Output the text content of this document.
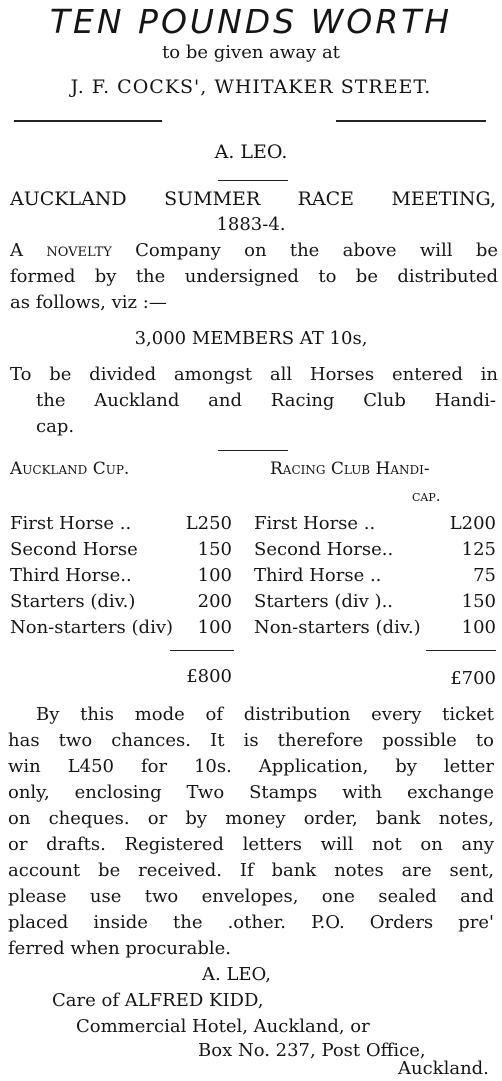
TEN POUNDS WORTH
to be given away at
J. F. COCKS', WHITAKER STREET.
A. LEO.
AUCKLAND SUMMER RACE MEETING,
1883-4.
A novelty Company on the above will be
formed by the undersigned to be distributed
as follows, viz :—
3,000 MEMBERS AT 10s,
To be divided amongst all Horses entered in
the Auckland and Racing Club Handi-
cap.
Auckland Cup.	Racing Club Handi-
cap.
First Horse ..	L250
Second Horse	150
Third Horse..	100
Starters (div.)	200
Non-starters (div) 100
First Horse ..	L200
Second Horse..	125
Third Horse ..	75
Starters (div )..	150
Non-starters (div.) 100
£800	£700
By this mode of distribution every ticket
has two chances. It is therefore possible to
win L450 for 10s. Application, by letter
only, enclosing Two Stamps with exchange
on cheques. or by money order, bank notes,
or drafts. Registered letters will not on any
account be received. If bank notes are sent,
please use two envelopes, one sealed and
placed inside the .other. P.O. Orders pre'
ferred when procurable.
A. LEO,
Care of ALFRED KIDD,
Commercial Hotel, Auckland, or
Box No. 237, Post Office,
Auckland.
